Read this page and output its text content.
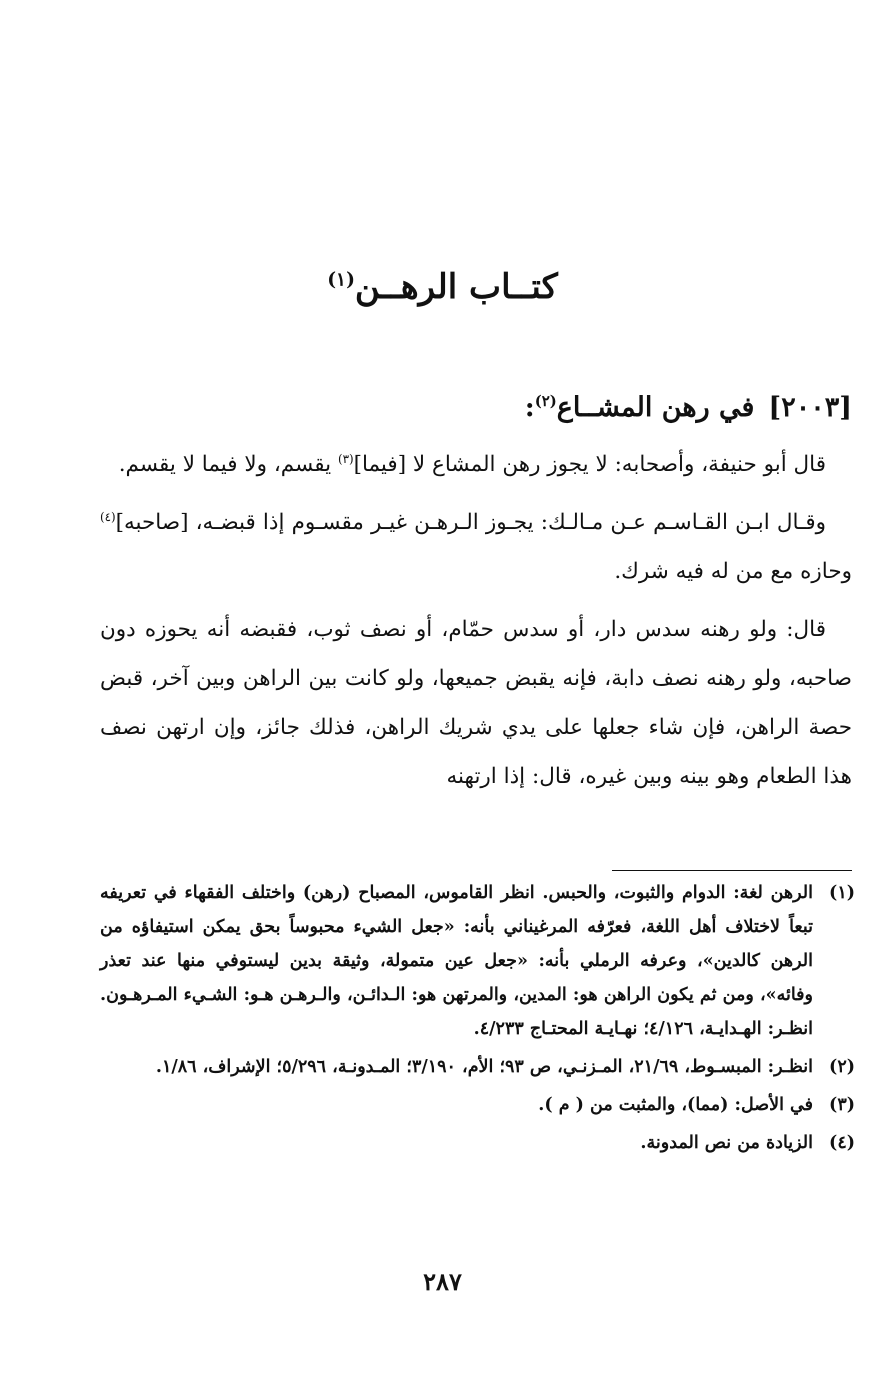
كتــاب الرهــن$^{(١)}$
[٢٠٠٣]في رهن المشــاع$^{(٢)}$:

قال أبو حنيفة، وأصحابه: لا يجوز رهن المشاع لا [فيما]$^{(٣)}$ يقسم، ولا فيما لا يقسم.

وقـال ابـن القـاسـم عـن مـالـك: يجـوز الـرهـن غيـر مقسـوم إذا قبضـه، [صاحبه]$^{(٤)}$ وحازه مع من له فيه شرك.

قال: ولو رهنه سدس دار، أو سدس حمّام، أو نصف ثوب، فقبضه أنه يحوزه دون صاحبه، ولو رهنه نصف دابة، فإنه يقبض جميعها، ولو كانت بين الراهن وبين آخر، قبض حصة الراهن، فإن شاء جعلها على يدي شريك الراهن، فذلك جائز، وإن ارتهن نصف هذا الطعام وهو بينه وبين غيره، قال: إذا ارتهنه

(١)
الرهن لغة: الدوام والثبوت، والحبس. انظر القاموس، المصباح (رهن) واختلف الفقهاء في تعريفه تبعاً لاختلاف أهل اللغة، فعرّفه المرغيناني بأنه: «جعل الشيء محبوساً بحق يمكن استيفاؤه من الرهن كالدين»، وعرفه الرملي بأنه: «جعل عين متمولة، وثيقة بدين ليستوفي منها عند تعذر وفائه»، ومن ثم يكون الراهن هو: المدين، والمرتهن هو: الـدائـن، والـرهـن هـو: الشـيء المـرهـون. انظـر: الهـدايـة، ٤/١٢٦؛ نهـايـة المحتـاج ٤/٢٣٣.
(٢)
انظـر: المبسـوط، ٢١/٦٩، المـزنـي، ص ٩٣؛ الأم، ٣/١٩٠؛ المـدونـة، ٥/٢٩٦؛ الإشراف، ١/٨٦.
(٣)
في الأصل: (مما)، والمثبت من ( م ).
(٤)
الزيادة من نص المدونة.
٢٨٧
